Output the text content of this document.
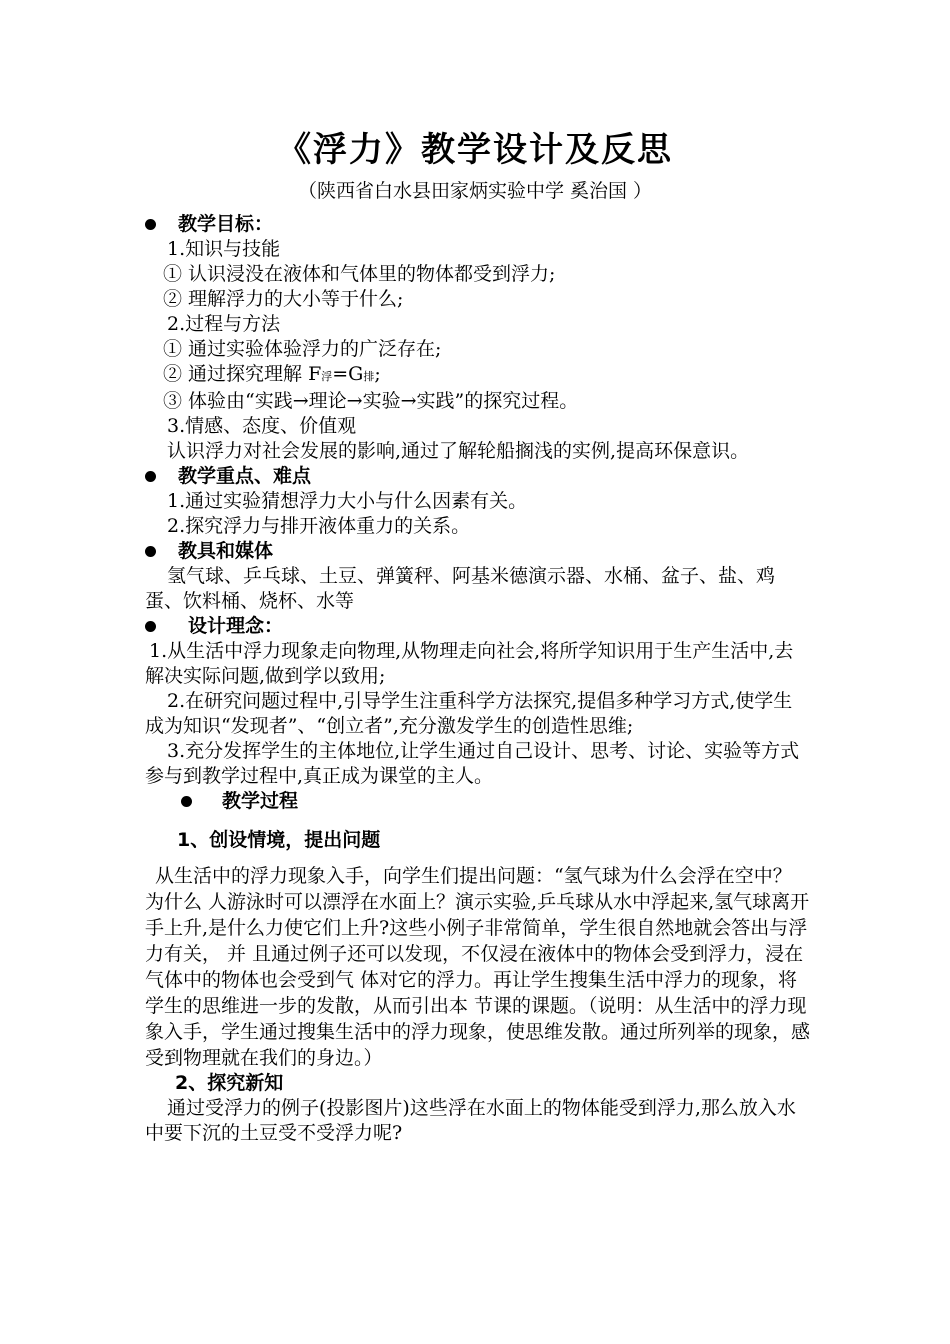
《浮力》教学设计及反思
（陕西省白水县田家炳实验中学 奚治国 ）
教学目标：

1.知识与技能

① 认识浸没在液体和气体里的物体都受到浮力;

② 理解浮力的大小等于什么;

2.过程与方法

① 通过实验体验浮力的广泛存在;

② 通过探究理解 F浮=G排;

③ 体验由“实践→理论→实验→实践”的探究过程。

3.情感、态度、价值观

认识浮力对社会发展的影响,通过了解轮船搁浅的实例,提高环保意识。

教学重点、难点

1.通过实验猜想浮力大小与什么因素有关。

2.探究浮力与排开液体重力的关系。

教具和媒体

氢气球、乒乓球、土豆、弹簧秤、阿基米德演示器、水桶、盆子、盐、鸡蛋、饮料桶、烧杯、水等

设计理念：

1.从生活中浮力现象走向物理,从物理走向社会,将所学知识用于生产生活中,去解决实际问题,做到学以致用;

2.在研究问题过程中,引导学生注重科学方法探究,提倡多种学习方式,使学生成为知识“发现者”、“创立者”,充分激发学生的创造性思维;

3.充分发挥学生的主体地位,让学生通过自己设计、思考、讨论、实验等方式参与到教学过程中,真正成为课堂的主人。

教学过程

1、创设情境，提出问题

从生活中的浮力现象入手，向学生们提出问题：“氢气球为什么会浮在空中？为什么 人游泳时可以漂浮在水面上？演示实验,乒乓球从水中浮起来,氢气球离开手上升,是什么力使它们上升?这些小例子非常简单，学生很自然地就会答出与浮力有关， 并 且通过例子还可以发现，不仅浸在液体中的物体会受到浮力，浸在气体中的物体也会受到气 体对它的浮力。再让学生搜集生活中浮力的现象，将学生的思维进一步的发散，从而引出本 节课的课题。（说明：从生活中的浮力现象入手，学生通过搜集生活中的浮力现象，使思维发散。通过所列举的现象，感受到物理就在我们的身边。）

2、探究新知

通过受浮力的例子(投影图片)这些浮在水面上的物体能受到浮力,那么放入水中要下沉的土豆受不受浮力呢?
